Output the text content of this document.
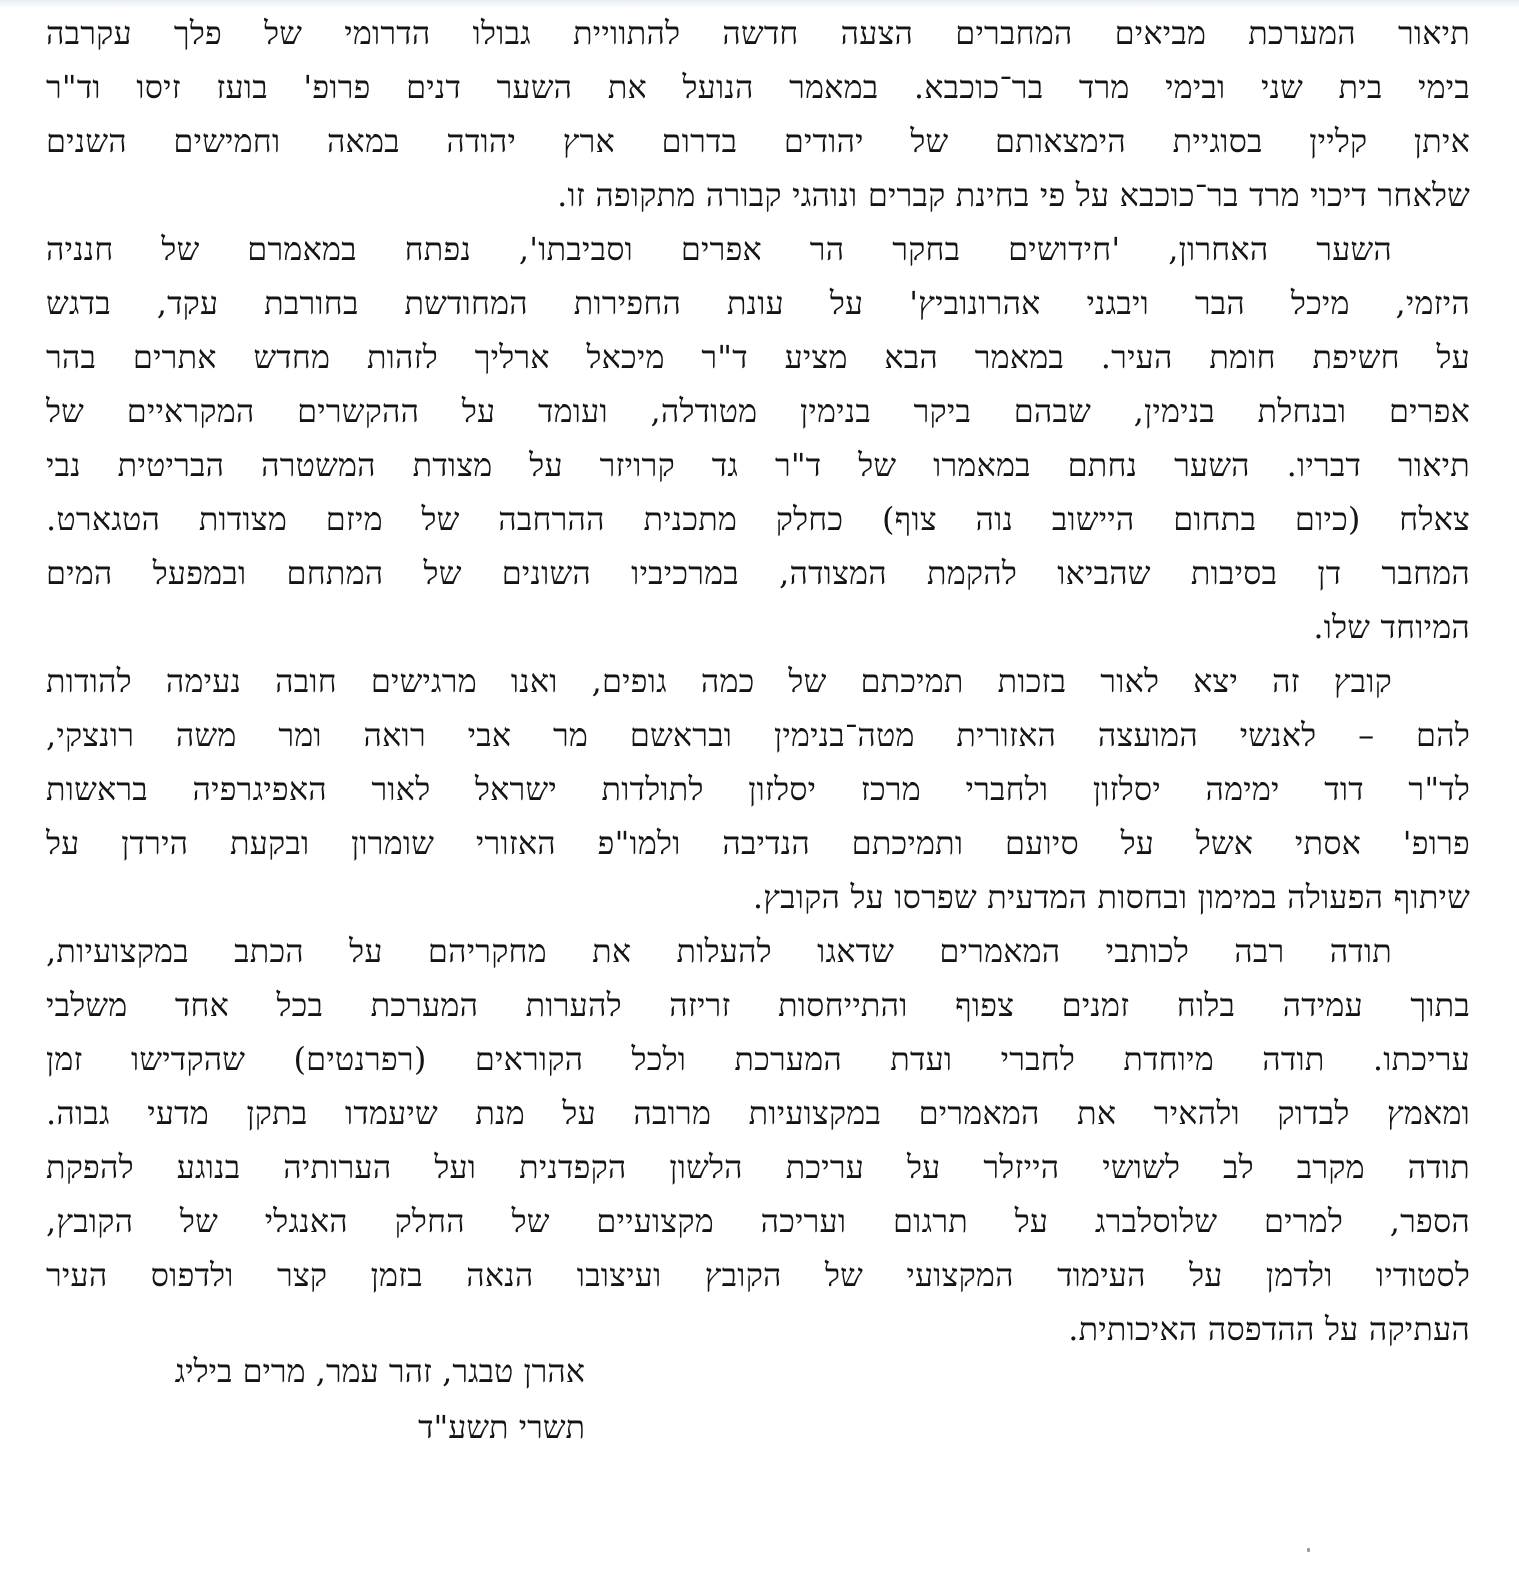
תיאור המערכת מביאים המחברים הצעה חדשה להתוויית גבולו הדרומי של פלך עקרבה
בימי בית שני ובימי מרד בר־כוכבא. במאמר הנועל את השער דנים פרופ' בועז זיסו וד"ר
איתן קליין בסוגיית הימצאותם של יהודים בדרום ארץ יהודה במאה וחמישים השנים
שלאחר דיכוי מרד בר־כוכבא על פי בחינת קברים ונוהגי קבורה מתקופה זו.
השער האחרון, 'חידושים בחקר הר אפרים וסביבתו', נפתח במאמרם של חנניה
היזמי, מיכל הבר ויבגני אהרונוביץ' על עונת החפירות המחודשת בחורבת עקד, בדגש
על חשיפת חומת העיר. במאמר הבא מציע ד"ר מיכאל ארליך לזהות מחדש אתרים בהר
אפרים ובנחלת בנימין, שבהם ביקר בנימין מטודלה, ועומד על ההקשרים המקראיים של
תיאור דבריו. השער נחתם במאמרו של ד"ר גד קרויזר על מצודת המשטרה הבריטית נבי
צאלח (כיום בתחום היישוב נוה צוף) כחלק מתכנית ההרחבה של מיזם מצודות הטגארט.
המחבר דן בסיבות שהביאו להקמת המצודה, במרכיביו השונים של המתחם ובמפעל המים
המיוחד שלו.
קובץ זה יצא לאור בזכות תמיכתם של כמה גופים, ואנו מרגישים חובה נעימה להודות
להם – לאנשי המועצה האזורית מטה־בנימין ובראשם מר אבי רואה ומר משה רונצקי,
לד"ר דוד ימימה יסלזון ולחברי מרכז יסלזון לתולדות ישראל לאור האפיגרפיה בראשות
פרופ' אסתי אשל על סיועם ותמיכתם הנדיבה ולמו"פ האזורי שומרון ובקעת הירדן על
שיתוף הפעולה במימון ובחסות המדעית שפרסו על הקובץ.
תודה רבה לכותבי המאמרים שדאגו להעלות את מחקריהם על הכתב במקצועיות,
בתוך עמידה בלוח זמנים צפוף והתייחסות זריזה להערות המערכת בכל אחד משלבי
עריכתו. תודה מיוחדת לחברי ועדת המערכת ולכל הקוראים (רפרנטים) שהקדישו זמן
ומאמץ לבדוק ולהאיר את המאמרים במקצועיות מרובה על מנת שיעמדו בתקן מדעי גבוה.
תודה מקרב לב לשושי הייזלר על עריכת הלשון הקפדנית ועל הערותיה בנוגע להפקת
הספר, למרים שלוסלברג על תרגום ועריכה מקצועיים של החלק האנגלי של הקובץ,
לסטודיו ולדמן על העימוד המקצועי של הקובץ ועיצובו הנאה בזמן קצר ולדפוס העיר
העתיקה על ההדפסה האיכותית.
אהרן טבגר, זהר עמר, מרים ביליג
תשרי תשע"ד
